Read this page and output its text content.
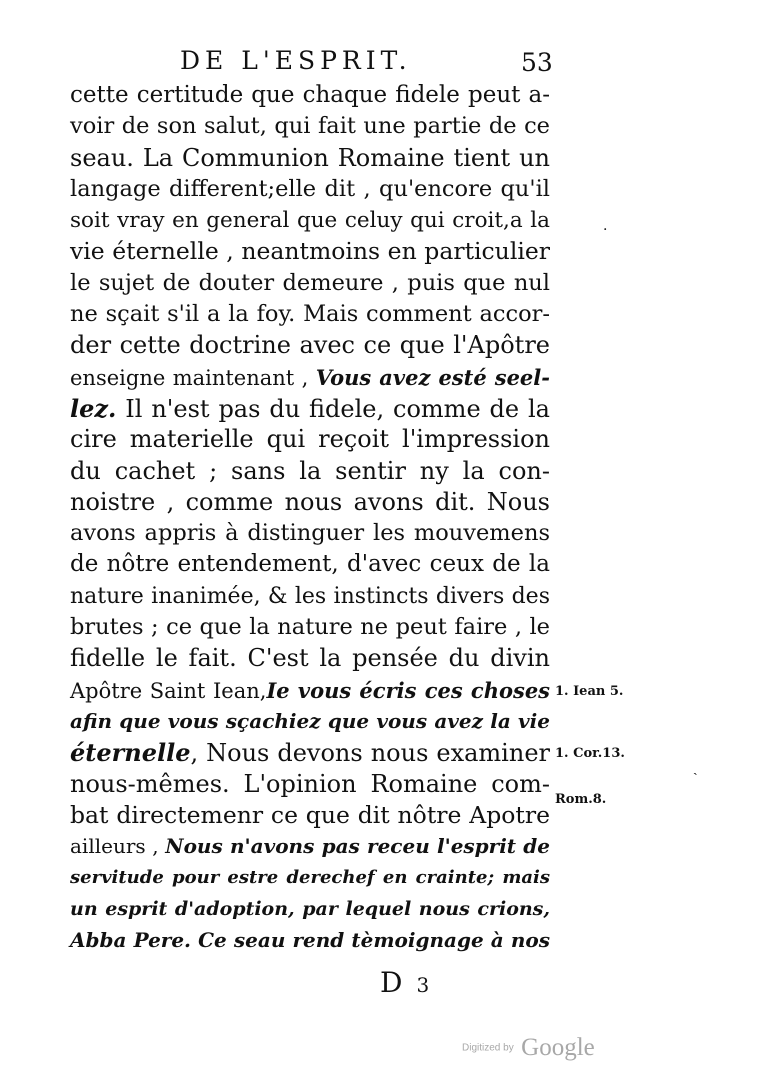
DE L'ESPRIT.	53
cette certitude que chaque fidele peut a-
voir de son salut, qui fait une partie de ce
seau. La Communion Romaine tient un
langage different;elle dit , qu'encore qu'il
soit vray en general que celuy qui croit,a la
vie éternelle , neantmoins en particulier
le sujet de douter demeure , puis que nul
ne sçait s'il a la foy. Mais comment accor-
der cette doctrine avec ce que l'Apôtre
enseigne maintenant , Vous avez esté seel-
lez. Il n'est pas du fidele, comme de la
cire materielle qui reçoit l'impression
du cachet ; sans la sentir ny la con-
noistre , comme nous avons dit. Nous
avons appris à distinguer les mouvemens
de nôtre entendement, d'avec ceux de la
nature inanimée, & les instincts divers des
brutes ; ce que la nature ne peut faire , le
fidelle le fait. C'est la pensée du divin
Apôtre Saint Iean,Ie vous écris ces choses
afin que vous sçachiez que vous avez la vie
éternelle, Nous devons nous examiner
nous-mêmes. L'opinion Romaine com-
bat directemenr ce que dit nôtre Apotre
ailleurs , Nous n'avons pas receu l'esprit de
servitude pour estre derechef en crainte; mais
un esprit d'adoption, par lequel nous crions,
Abba Pere. Ce seau rend tèmoignage à nos
1. Iean 5.
1. Cor.13.
Rom.8.
·
ˎ
D 3
Digitized by Google
